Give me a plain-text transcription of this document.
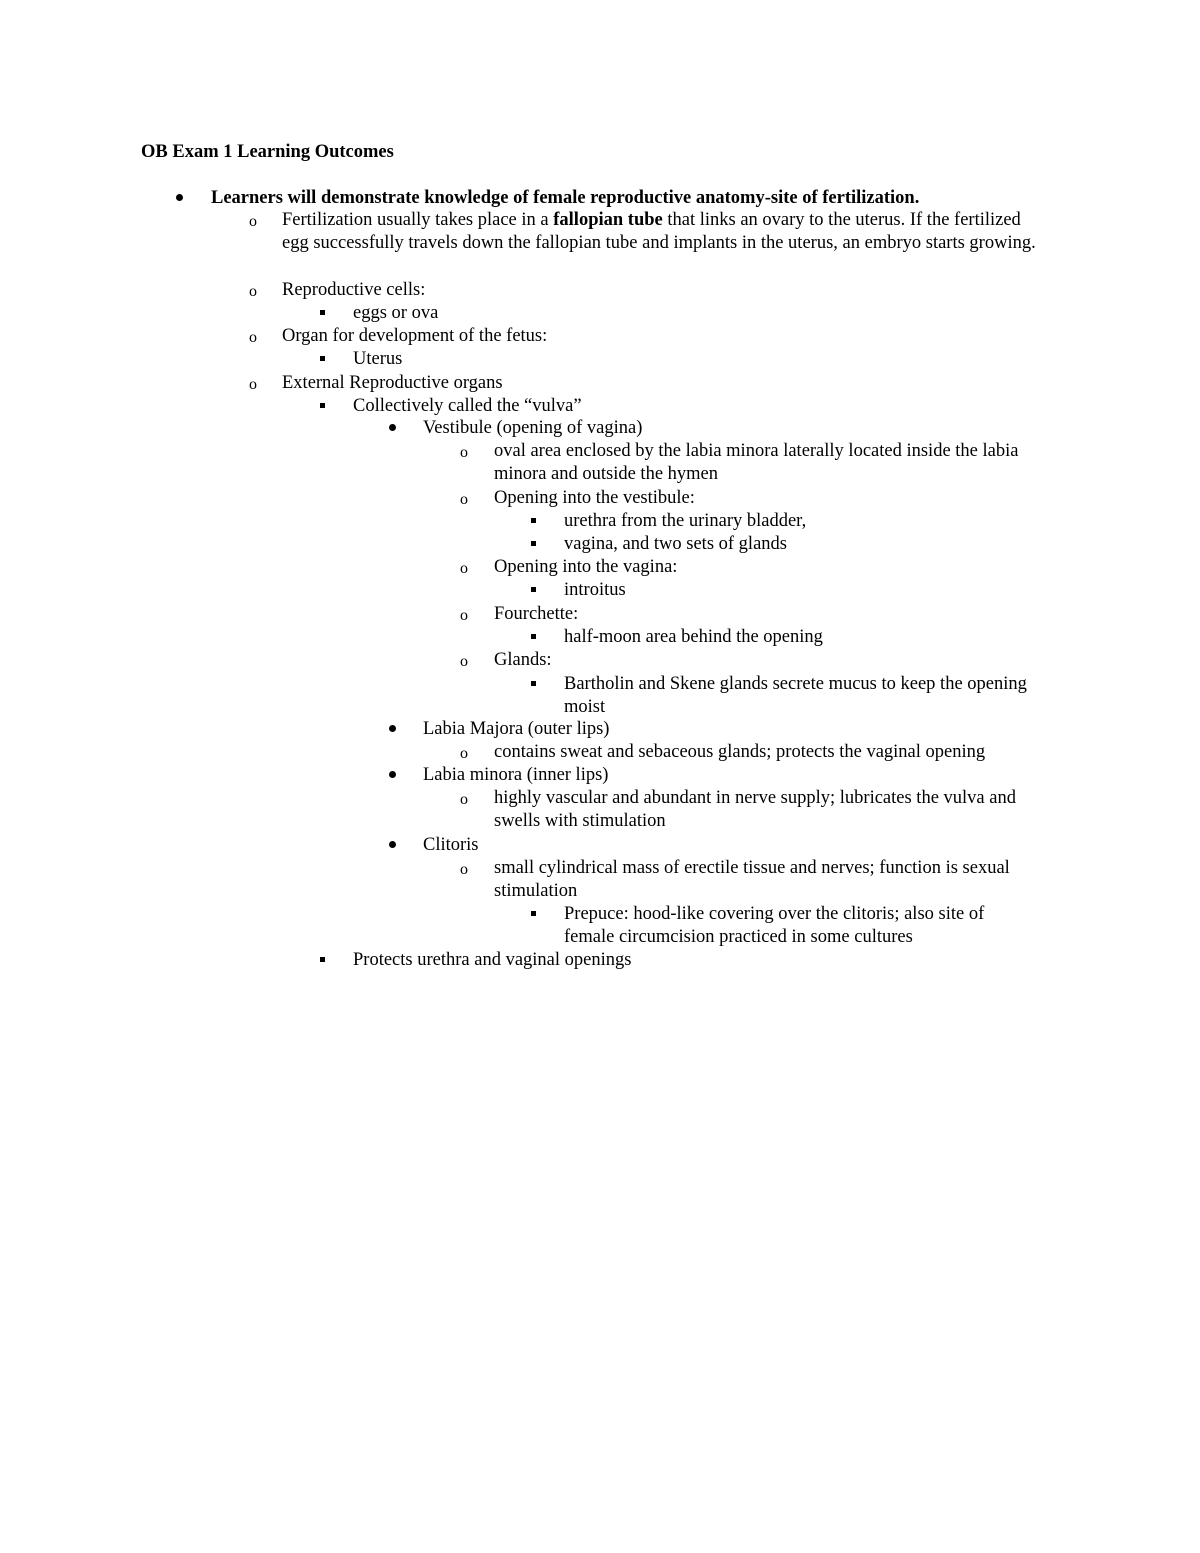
OB Exam 1 Learning Outcomes
Learners will demonstrate knowledge of female reproductive anatomy-site of fertilization.
o Fertilization usually takes place in a fallopian tube that links an ovary to the uterus. If the fertilized egg successfully travels down the fallopian tube and implants in the uterus, an embryo starts growing.
o Reproductive cells:
eggs or ova
o Organ for development of the fetus:
Uterus
o External Reproductive organs
Collectively called the “vulva”
Vestibule (opening of vagina)
o oval area enclosed by the labia minora laterally located inside the labia minora and outside the hymen
o Opening into the vestibule:
urethra from the urinary bladder,
vagina, and two sets of glands
o Opening into the vagina:
introitus
o Fourchette:
half-moon area behind the opening
o Glands:
Bartholin and Skene glands secrete mucus to keep the opening moist
Labia Majora (outer lips)
o contains sweat and sebaceous glands; protects the vaginal opening
Labia minora (inner lips)
o highly vascular and abundant in nerve supply; lubricates the vulva and swells with stimulation
Clitoris
o small cylindrical mass of erectile tissue and nerves; function is sexual stimulation
Prepuce: hood-like covering over the clitoris; also site of female circumcision practiced in some cultures
Protects urethra and vaginal openings
